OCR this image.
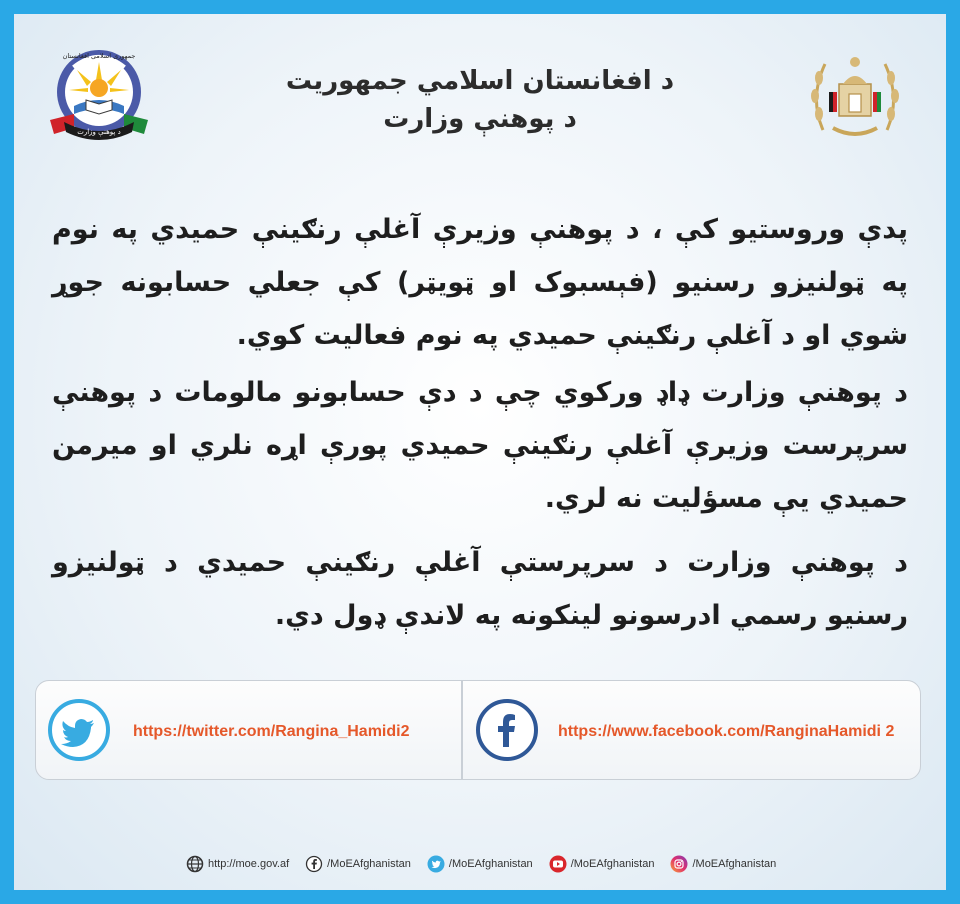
د پوهنې وزارت
جمهوری اسلامی افغانستان
د افغانستان اسلامي جمهوريت
د پوهنې وزارت
پدې وروستيو کې ، د پوهنې وزيرې آغلې رنګينې حميدي په نوم په ټولنيزو رسنيو (فېسبوک او ټويټر) کې جعلي حسابونه جوړ شوي او د آغلې رنګينې حميدي په نوم فعاليت کوي.
د پوهنې وزارت ډاډ ورکوي چې د دې حسابونو مالومات د پوهنې سرپرست وزيرې آغلې رنګينې حميدي پورې اړه نلري او ميرمن حميدي يې مسؤليت نه لري.
د پوهنې وزارت د سرپرستې آغلې رنګينې حميدي د ټولنيزو رسنيو رسمي ادرسونو لينکونه په لاندې ډول دي.
https://twitter.com/Rangina_Hamidi2	https://www.facebook.com/RanginaHamidi 2
http://moe.gov.af	/MoEAfghanistan	/MoEAfghanistan	/MoEAfghanistan	/MoEAfghanistan
